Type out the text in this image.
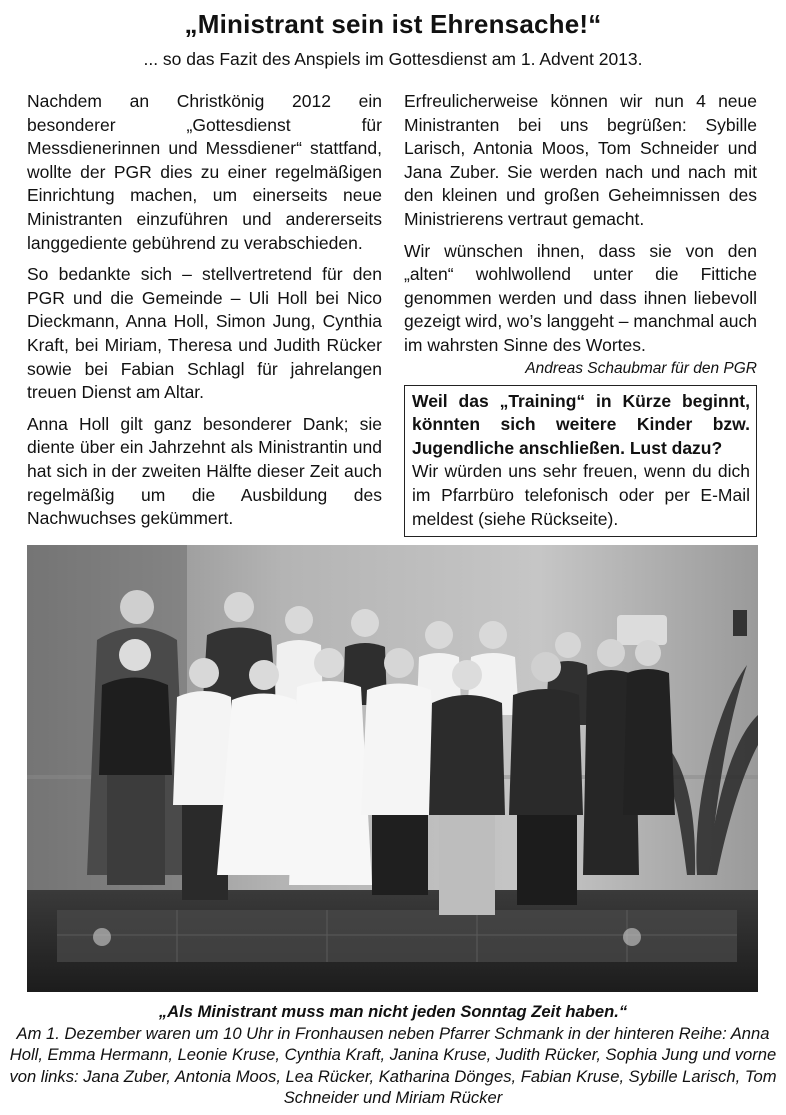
„Ministrant sein ist Ehrensache!“
... so das Fazit des Anspiels im Gottesdienst am 1. Advent 2013.

Nachdem an Christkönig 2012 ein besonderer „Gottesdienst für Messdienerinnen und Messdiener“ stattfand, wollte der PGR dies zu einer regelmäßigen Einrichtung machen, um einerseits neue Ministranten einzuführen und andererseits langgediente gebührend zu verabschieden.

So bedankte sich – stellvertretend für den PGR und die Gemeinde – Uli Holl bei Nico Dieckmann, Anna Holl, Simon Jung, Cynthia Kraft, bei Miriam, Theresa und Judith Rücker sowie bei Fabian Schlagl für jahrelangen treuen Dienst am Altar.

Anna Holl gilt ganz besonderer Dank; sie diente über ein Jahrzehnt als Ministrantin und hat sich in der zweiten Hälfte dieser Zeit auch regelmäßig um die Ausbildung des Nachwuchses gekümmert.

Erfreulicherweise können wir nun 4 neue Ministranten bei uns begrüßen: Sybille Larisch, Antonia Moos, Tom Schneider und Jana Zuber. Sie werden nach und nach mit den kleinen und großen Geheimnissen des Ministrierens vertraut gemacht.

Wir wünschen ihnen, dass sie von den „alten“ wohlwollend unter die Fittiche genommen werden und dass ihnen liebevoll gezeigt wird, wo’s langgeht – manchmal auch im wahrsten Sinne des Wortes.

Andreas Schaubmar für den PGR
Weil das „Training“ in Kürze beginnt, könnten sich weitere Kinder bzw. Jugendliche anschließen. Lust dazu?
Wir würden uns sehr freuen, wenn du dich im Pfarrbüro telefonisch oder per E-Mail meldest (siehe Rückseite).
„Als Ministrant muss man nicht jeden Sonntag Zeit haben.“
Am 1. Dezember waren um 10 Uhr in Fronhausen neben Pfarrer Schmank in der hinteren Reihe: Anna Holl, Emma Hermann, Leonie Kruse, Cynthia Kraft, Janina Kruse, Judith Rücker, Sophia Jung und vorne von links: Jana Zuber, Antonia Moos, Lea Rücker, Katharina Dönges, Fabian Kruse, Sybille Larisch, Tom Schneider und Miriam Rücker
